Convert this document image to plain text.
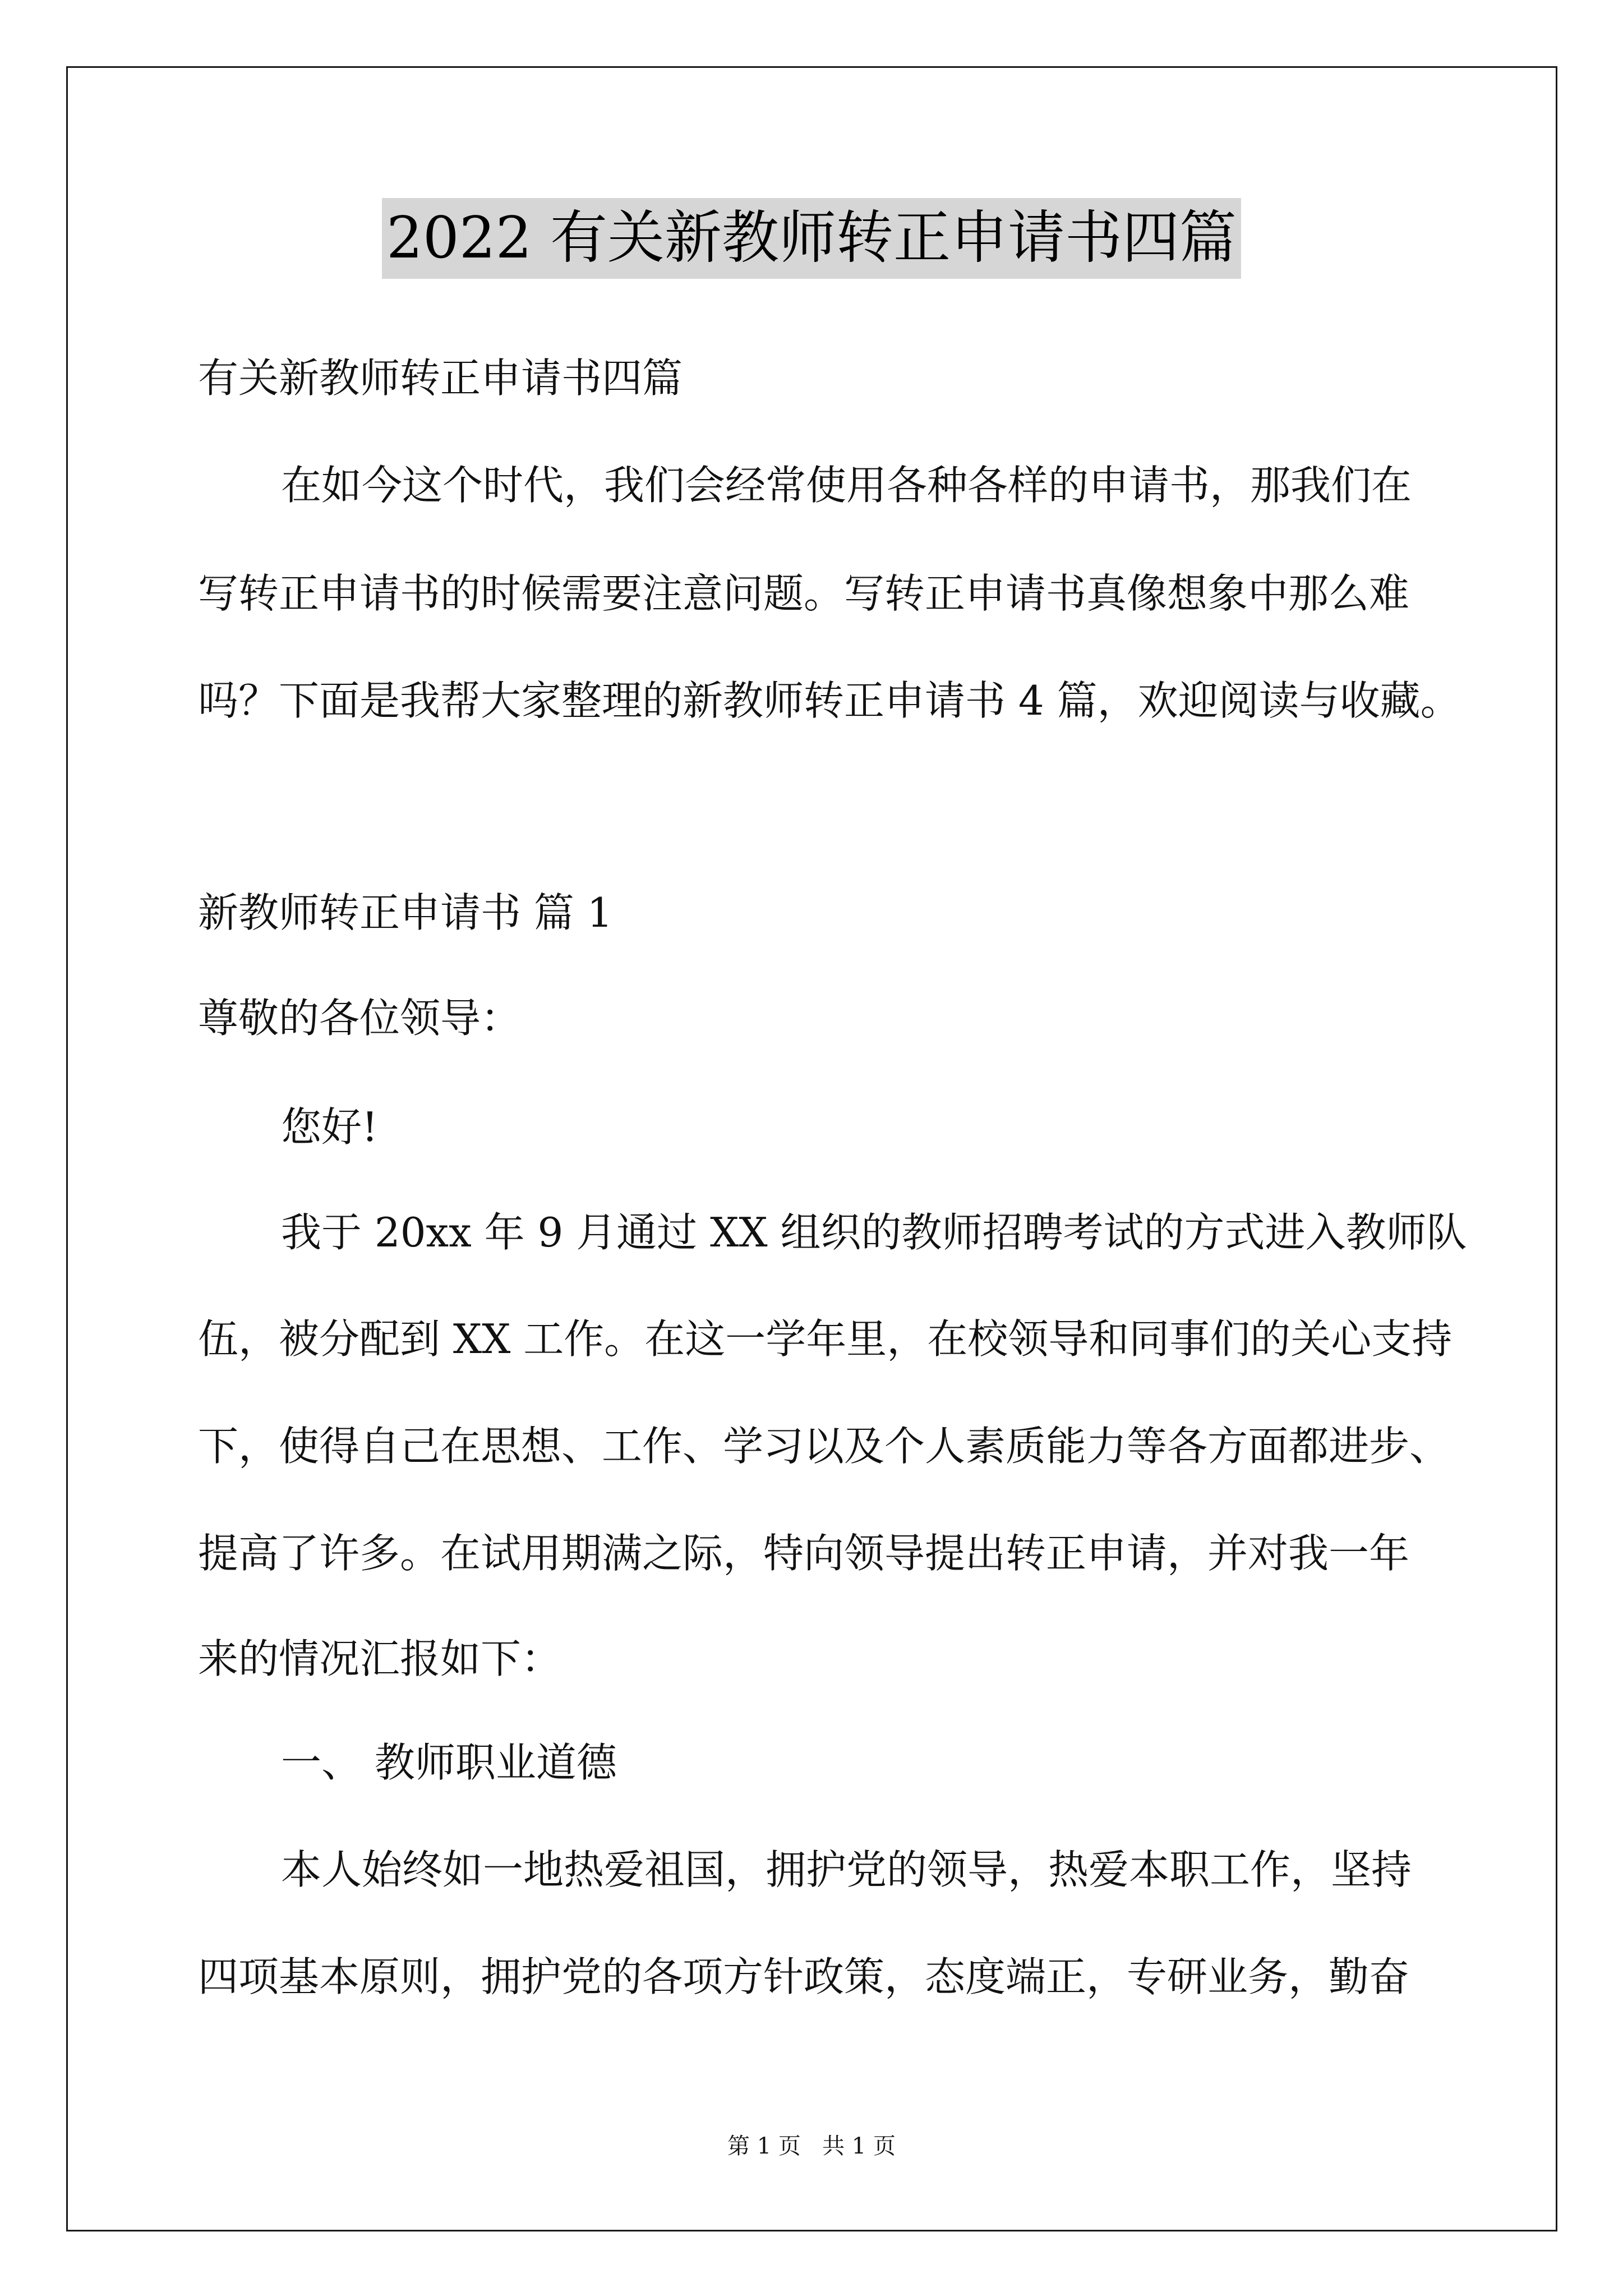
2022 有关新教师转正申请书四篇
有关新教师转正申请书四篇
在如今这个时代，我们会经常使用各种各样的申请书，那我们在
写转正申请书的时候需要注意问题。写转正申请书真像想象中那么难
吗？下面是我帮大家整理的新教师转正申请书 4 篇，欢迎阅读与收藏。
新教师转正申请书 篇 1
尊敬的各位领导：
您好!
我于 20xx 年 9 月通过 XX 组织的教师招聘考试的方式进入教师队
伍，被分配到 XX 工作。在这一学年里，在校领导和同事们的关心支持
下，使得自己在思想、工作、学习以及个人素质能力等各方面都进步、
提高了许多。在试用期满之际，特向领导提出转正申请，并对我一年
来的情况汇报如下：
一、 教师职业道德
本人始终如一地热爱祖国，拥护党的领导，热爱本职工作，坚持
四项基本原则，拥护党的各项方针政策，态度端正，专研业务，勤奋
第 1 页   共 1 页
